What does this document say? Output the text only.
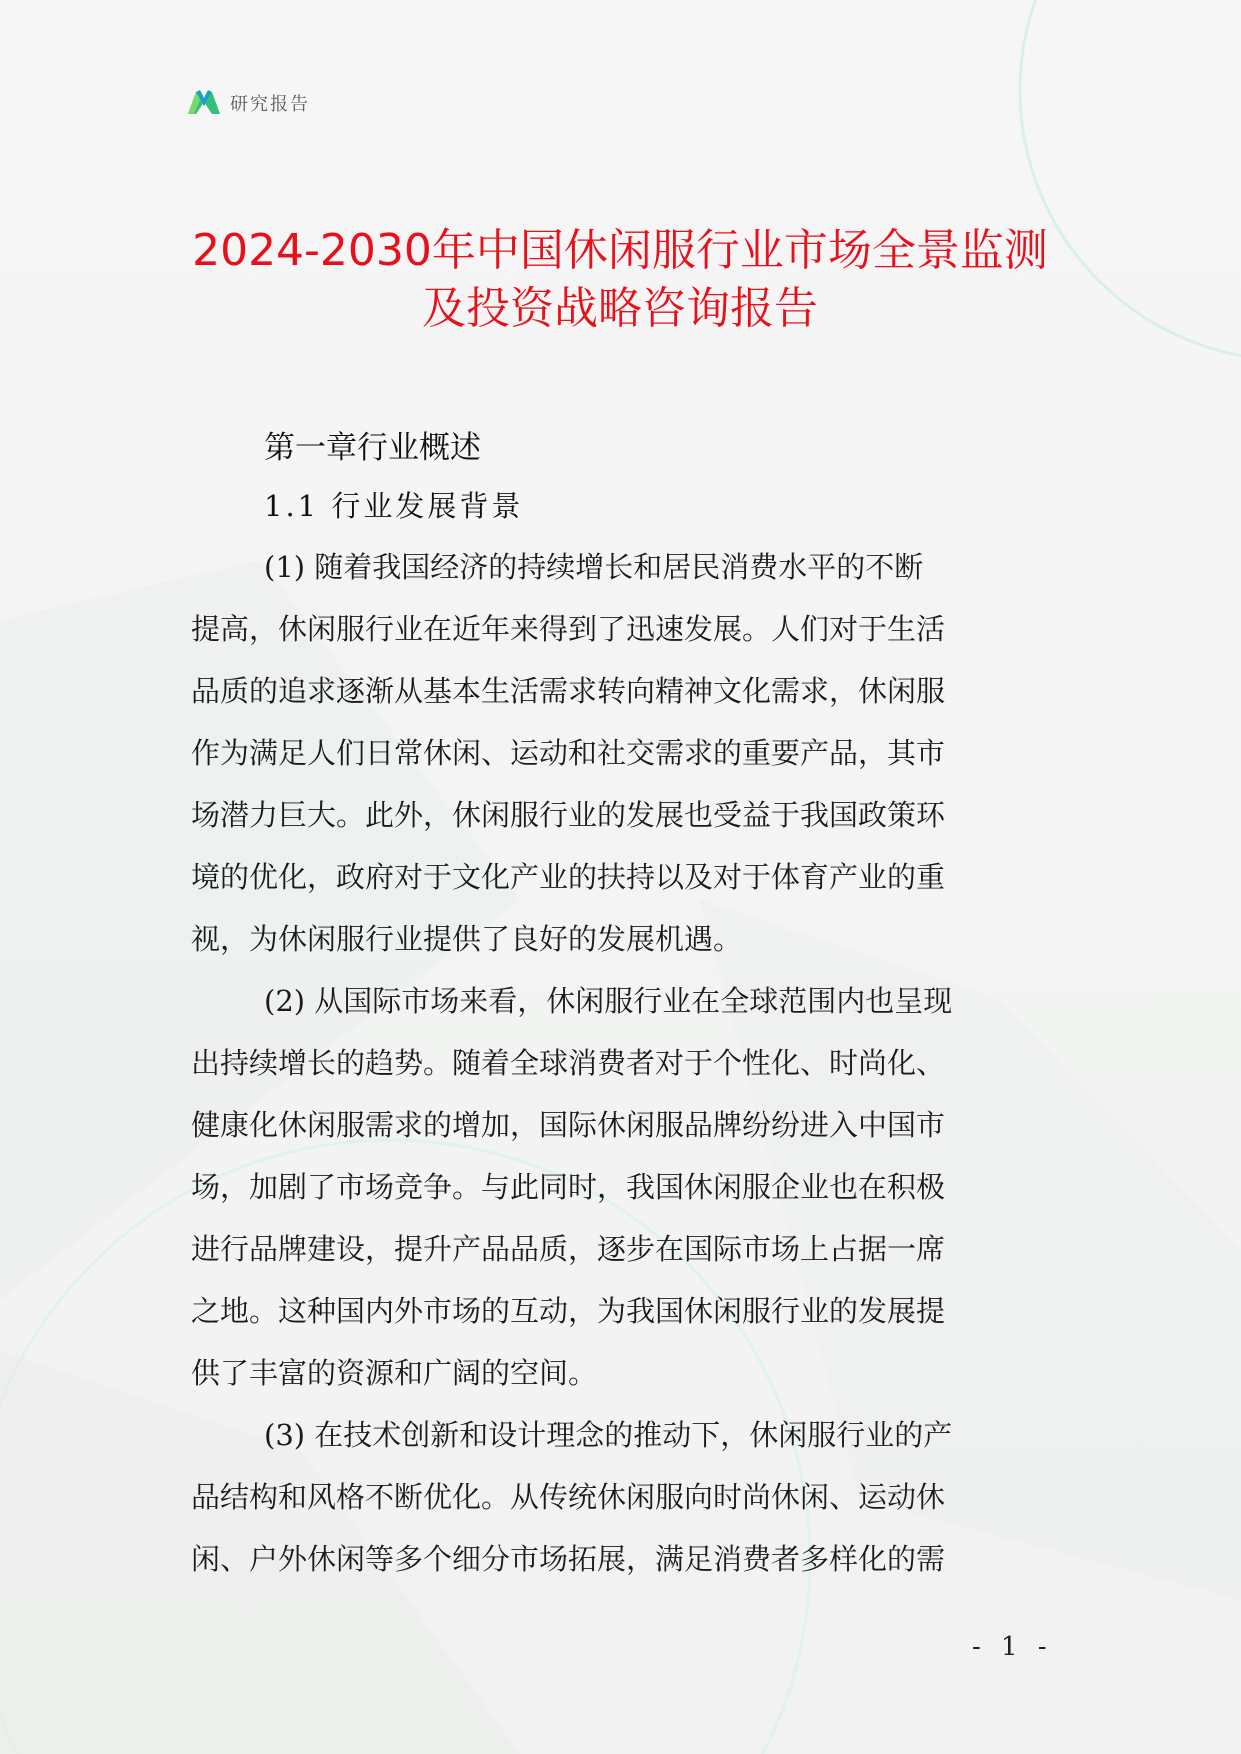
研究报告
2024-2030年中国休闲服行业市场全景监测
及投资战略咨询报告
第一章行业概述
1.1 行业发展背景
(1) 随着我国经济的持续增长和居民消费水平的不断
提高，休闲服行业在近年来得到了迅速发展。人们对于生活
品质的追求逐渐从基本生活需求转向精神文化需求，休闲服
作为满足人们日常休闲、运动和社交需求的重要产品，其市
场潜力巨大。此外，休闲服行业的发展也受益于我国政策环
境的优化，政府对于文化产业的扶持以及对于体育产业的重
视，为休闲服行业提供了良好的发展机遇。
(2) 从国际市场来看，休闲服行业在全球范围内也呈现
出持续增长的趋势。随着全球消费者对于个性化、时尚化、
健康化休闲服需求的增加，国际休闲服品牌纷纷进入中国市
场，加剧了市场竞争。与此同时，我国休闲服企业也在积极
进行品牌建设，提升产品品质，逐步在国际市场上占据一席
之地。这种国内外市场的互动，为我国休闲服行业的发展提
供了丰富的资源和广阔的空间。
(3) 在技术创新和设计理念的推动下，休闲服行业的产
品结构和风格不断优化。从传统休闲服向时尚休闲、运动休
闲、户外休闲等多个细分市场拓展，满足消费者多样化的需
- 1 -
